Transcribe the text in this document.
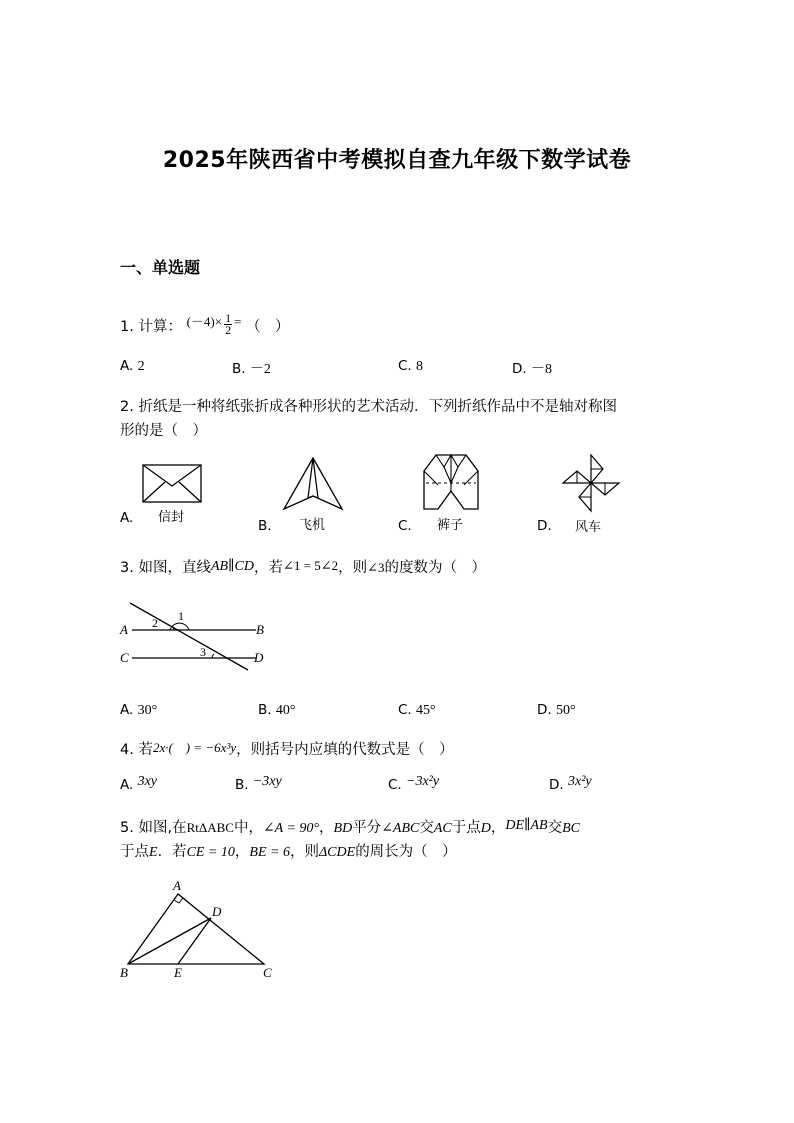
2025年陕西省中考模拟自查九年级下数学试卷
一、单选题
1. 计算： $(-4)\times \frac{1}{2}$ = （　）
A. 2	B. －2	C. 8	D. －8
2. 折纸是一种将纸张折成各种形状的艺术活动．下列折纸作品中不是轴对称图
形的是（　）
A. 信封
B. 飞机	C. 裤子	D. 风车
3. 如图，直线AB∥CD，若∠1 = 5∠2，则∠3的度数为（　）
A	B
C	D
1
2
3
A. 30°	B. 40°	C. 45°	D. 50°
4. 若2x·(　) = −6x³y，则括号内应填的代数式是（　）
A. 3xy	B. −3xy	C. −3x²y	D. 3x²y
5. 如图,在RtΔABC中，∠A = 90°，BD平分∠ABC交AC于点D，DE∥AB交BC
于点E．若CE = 10，BE = 6，则ΔCDE的周长为（　）
A
D
B	E	C
